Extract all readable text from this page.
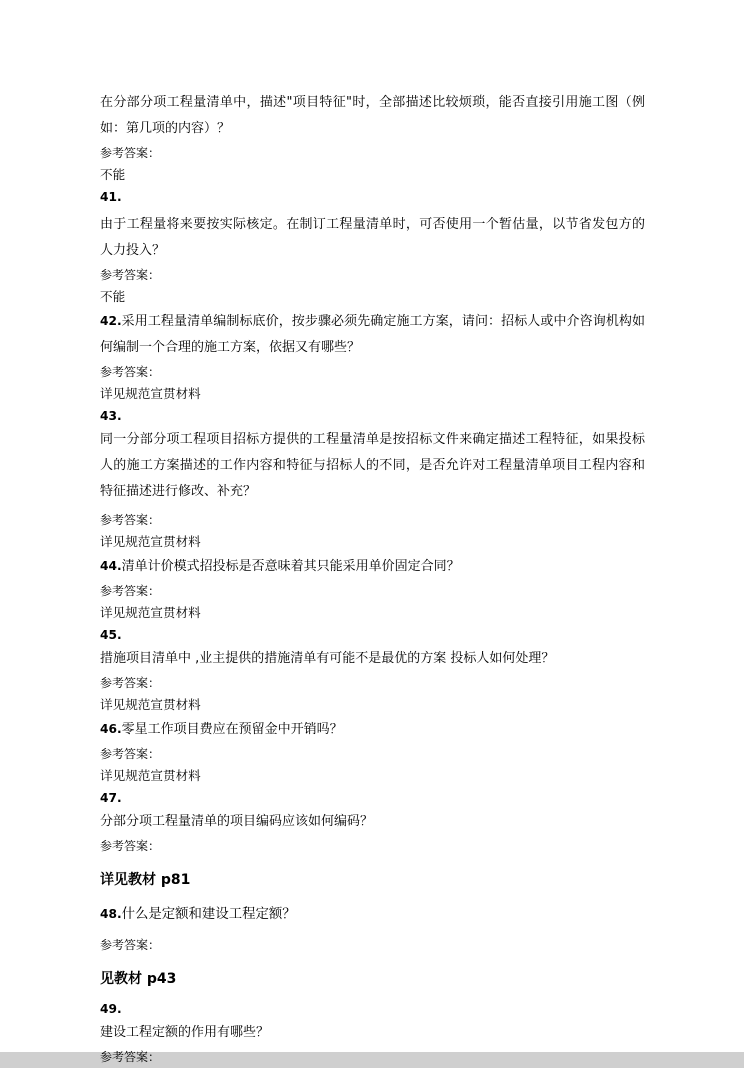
在分部分项工程量清单中，描述"项目特征"时，全部描述比较烦琐，能否直接引用施工图（例如：第几项的内容）？

参考答案：

不能

41.

由于工程量将来要按实际核定。在制订工程量清单时，可否使用一个暂估量，以节省发包方的人力投入？

参考答案：

不能

42.采用工程量清单编制标底价，按步骤必须先确定施工方案，请问：招标人或中介咨询机构如何编制一个合理的施工方案，依据又有哪些？

参考答案：

详见规范宣贯材料

43.

同一分部分项工程项目招标方提供的工程量清单是按招标文件来确定描述工程特征，如果投标人的施工方案描述的工作内容和特征与招标人的不同，是否允许对工程量清单项目工程内容和特征描述进行修改、补充？

参考答案：

详见规范宣贯材料

44.清单计价模式招投标是否意味着其只能采用单价固定合同？

参考答案：

详见规范宣贯材料

45.

措施项目清单中 ,业主提供的措施清单有可能不是最优的方案 投标人如何处理？

参考答案：

详见规范宣贯材料

46.零星工作项目费应在预留金中开销吗？

参考答案：

详见规范宣贯材料

47.

分部分项工程量清单的项目编码应该如何编码？

参考答案：

详见教材 p81

48.什么是定额和建设工程定额？

参考答案：

见教材 p43

49.

建设工程定额的作用有哪些？

参考答案：
